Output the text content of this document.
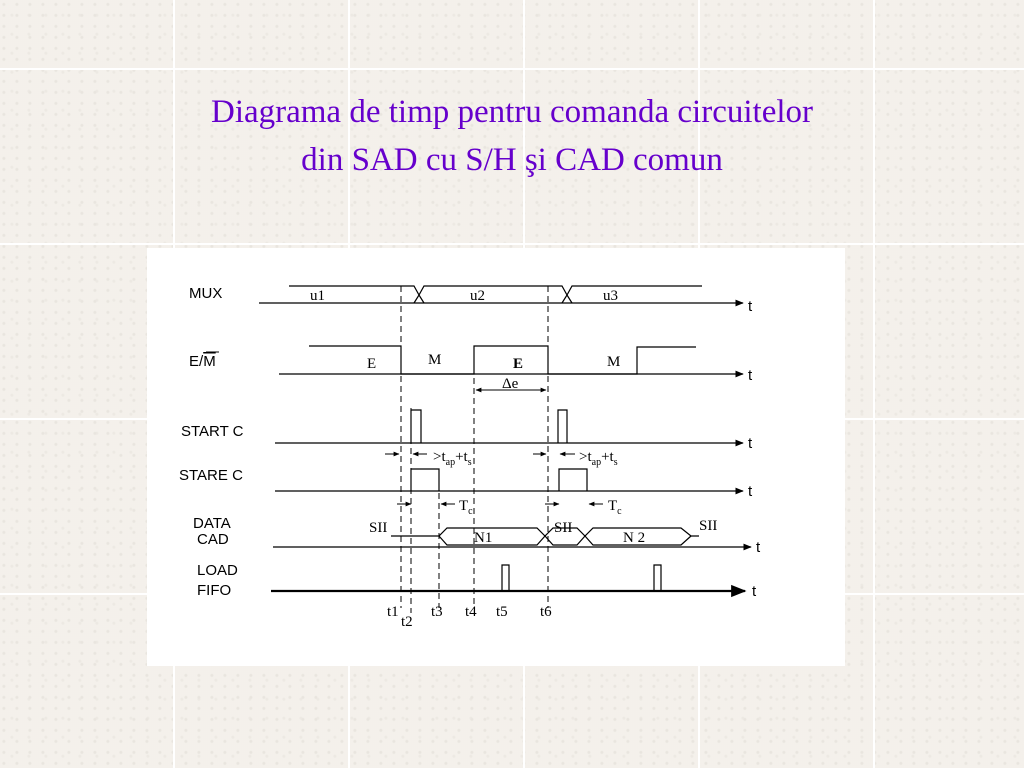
Diagrama de timp pentru comanda circuitelor
din SAD cu S/H şi CAD comun
t
t
t
t
t
t
MUX
E/M
START C
STARE C
DATA
CAD
LOAD
FIFO
u1	u2	u3
E	M	E	M
Δe
$>t_{ap}+t_s$	$>t_{ap}+t_s$
$T_c$	$T_c$
SII	SII	SII
N1	N 2
t1
t2
t3 t4 t5 t6
